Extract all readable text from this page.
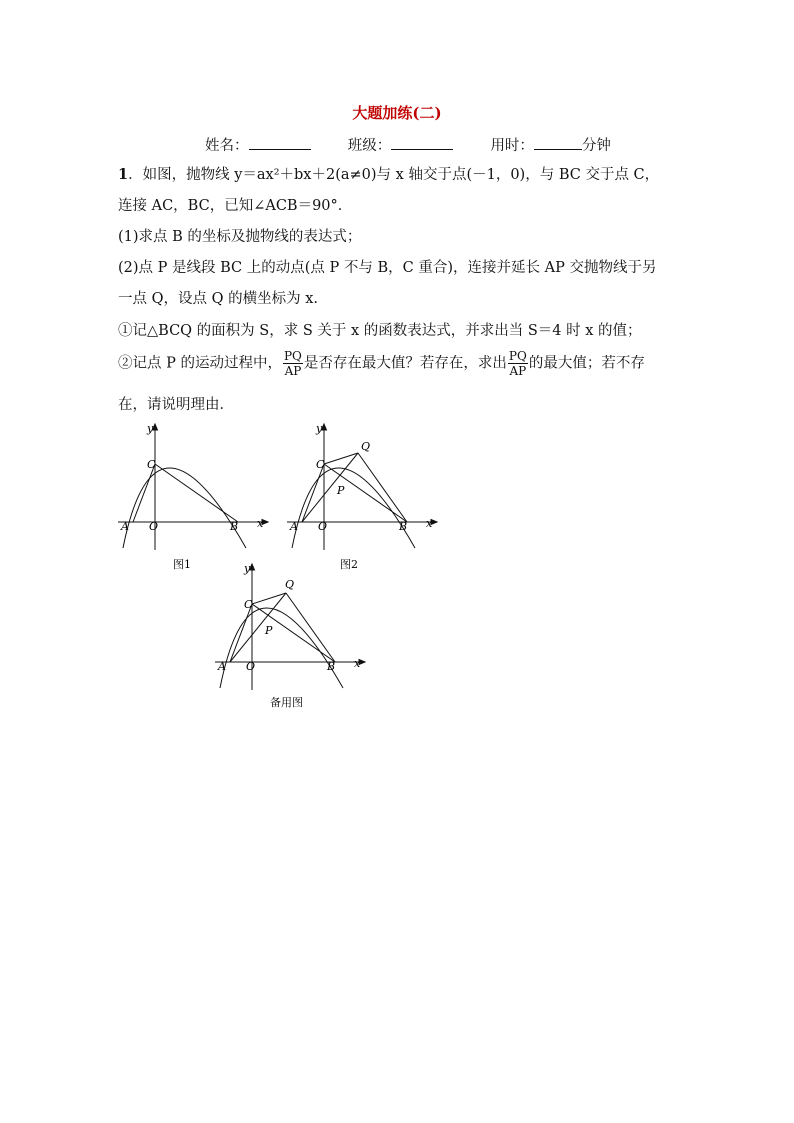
大题加练(二)
姓名：	班级：	用时：	分钟
1．如图，抛物线 y＝ax²＋bx＋2(a≠0)与 x 轴交于点(－1，0)，与 BC 交于点 C，
连接 AC，BC，已知∠ACB＝90°．
(1)求点 B 的坐标及抛物线的表达式；
(2)点 P 是线段 BC 上的动点(点 P 不与 B，C 重合)，连接并延长 AP 交抛物线于另
一点 Q，设点 Q 的横坐标为 x.
①记△BCQ 的面积为 S，求 S 关于 x 的函数表达式，并求出当 S＝4 时 x 的值；
②记点 P 的运动过程中， $\frac{PQ}{AP}$ 是否存在最大值？若存在，求出 $\frac{PQ}{AP}$ 的最大值；若不存
在，请说明理由．
y
x
A O	B
C
图1
y
x
A O	B
C
P
Q
图2
y
x
A O	B
C
P
Q
备用图
